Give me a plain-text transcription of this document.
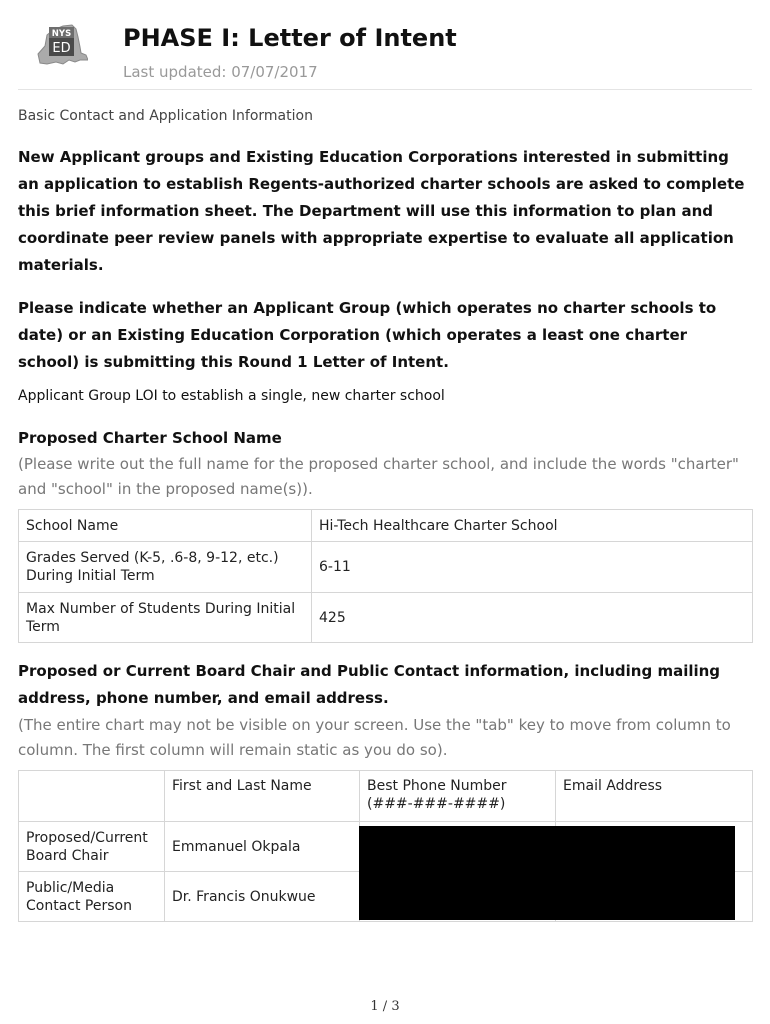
NYS
ED PHASE I: Letter of Intent
Last updated: 07/07/2017
Basic Contact and Application Information
New Applicant groups and Existing Education Corporations interested in submitting an application to establish Regents-authorized charter schools are asked to complete this brief information sheet. The Department will use this information to plan and coordinate peer review panels with appropriate expertise to evaluate all application materials.
Please indicate whether an Applicant Group (which operates no charter schools to date) or an Existing Education Corporation (which operates a least one charter school) is submitting this Round 1 Letter of Intent.
Applicant Group LOI to establish a single, new charter school
Proposed Charter School Name
(Please write out the full name for the proposed charter school, and include the words "charter" and "school" in the proposed name(s)).
School Name	Hi-Tech Healthcare Charter School
Grades Served (K-5, .6-8, 9-12, etc.) During Initial Term	6-11
Max Number of Students During Initial Term	425
Proposed or Current Board Chair and Public Contact information, including mailing address, phone number, and email address.
(The entire chart may not be visible on your screen. Use the "tab" key to move from column to column. The first column will remain static as you do so).
	First and Last Name	Best Phone Number (###-###-####)	Email Address
Proposed/Current Board Chair	Emmanuel Okpala		
Public/Media Contact Person	Dr. Francis Onukwue		
1 / 3
